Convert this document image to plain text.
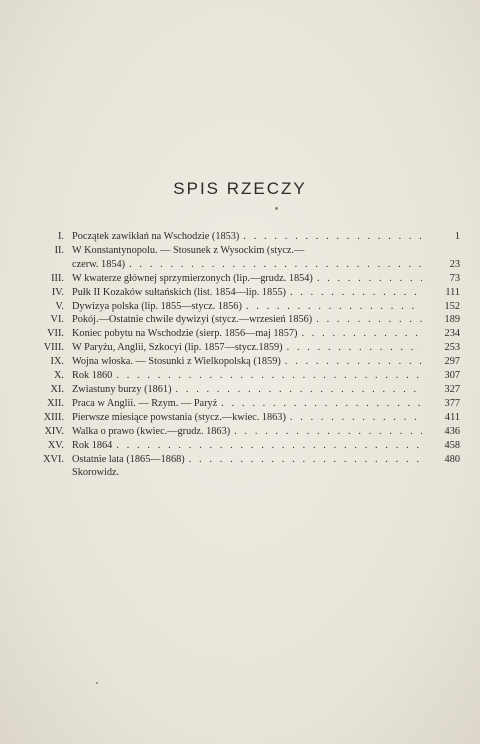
SPIS RZECZY
I. Początek zawikłań na Wschodzie (1853) . . .	1
II. W Konstantynopolu. — Stosunek z Wysockim (stycz.—
czerw. 1854) . . .	23
III. W kwaterze głównej sprzymierzonych (lip.—grudz. 1854) . . .	73
IV. Pułk II Kozaków sułtańskich (list. 1854—lip. 1855) . . .	111
V. Dywizya polska (lip. 1855—stycz. 1856) . . .	152
VI. Pokój.—Ostatnie chwile dywizyi (stycz.—wrzesień 1856) . . .	189
VII. Koniec pobytu na Wschodzie (sierp. 1856—maj 1857) . . .	234
VIII. W Paryżu, Anglii, Szkocyi (lip. 1857—stycz.1859) . . .	253
IX. Wojna włoska. — Stosunki z Wielkopolską (1859) . . .	297
X. Rok 1860 . . .	307
XI. Zwiastuny burzy (1861) . . .	327
XII. Praca w Anglii. — Rzym. — Paryż . . .	377
XIII. Pierwsze miesiące powstania (stycz.—kwiec. 1863) . . .	411
XIV. Walka o prawo (kwiec.—grudz. 1863) . . .	436
XV. Rok 1864 . . .	458
XVI. Ostatnie lata (1865—1868) . . .	480
Skorowidz .
